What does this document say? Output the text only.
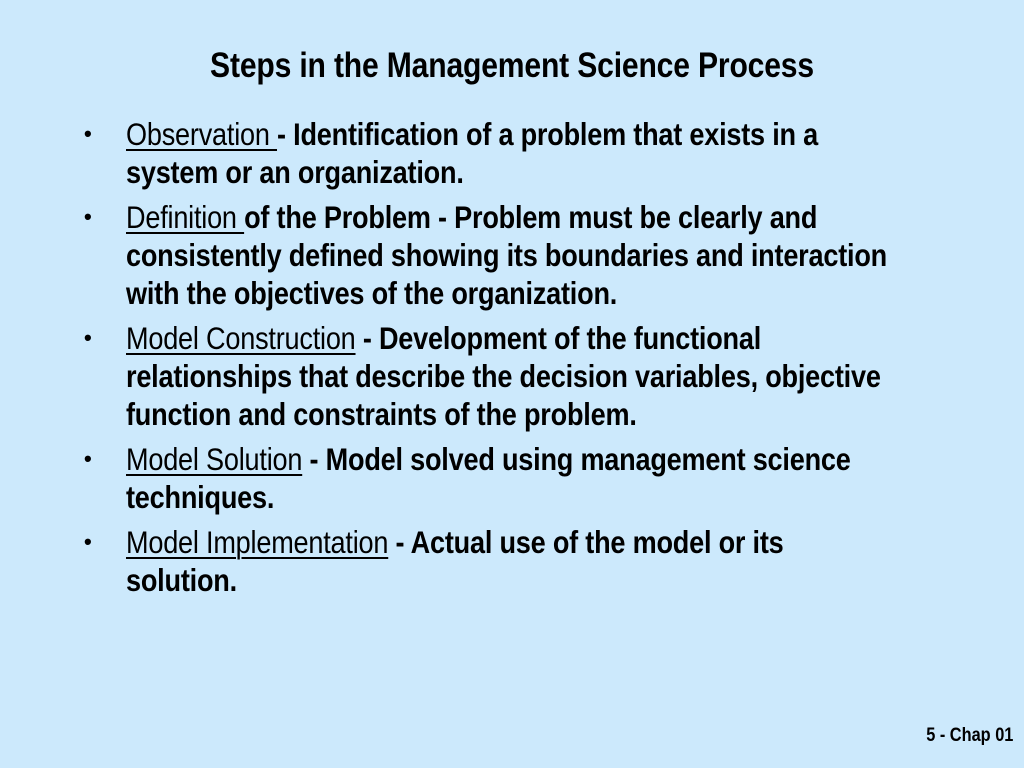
Steps in the Management Science Process
•	Observation - Identification of a problem that exists in a system or an organization.
•	Definition of the Problem - Problem must be clearly and consistently defined showing its boundaries and interaction with the objectives of the organization.
•	Model Construction - Development of the functional relationships that describe the decision variables, objective function and constraints of the problem.
•	Model Solution - Model solved using management science techniques.
•	Model Implementation - Actual use of the model or its solution.
5 - Chap 01
